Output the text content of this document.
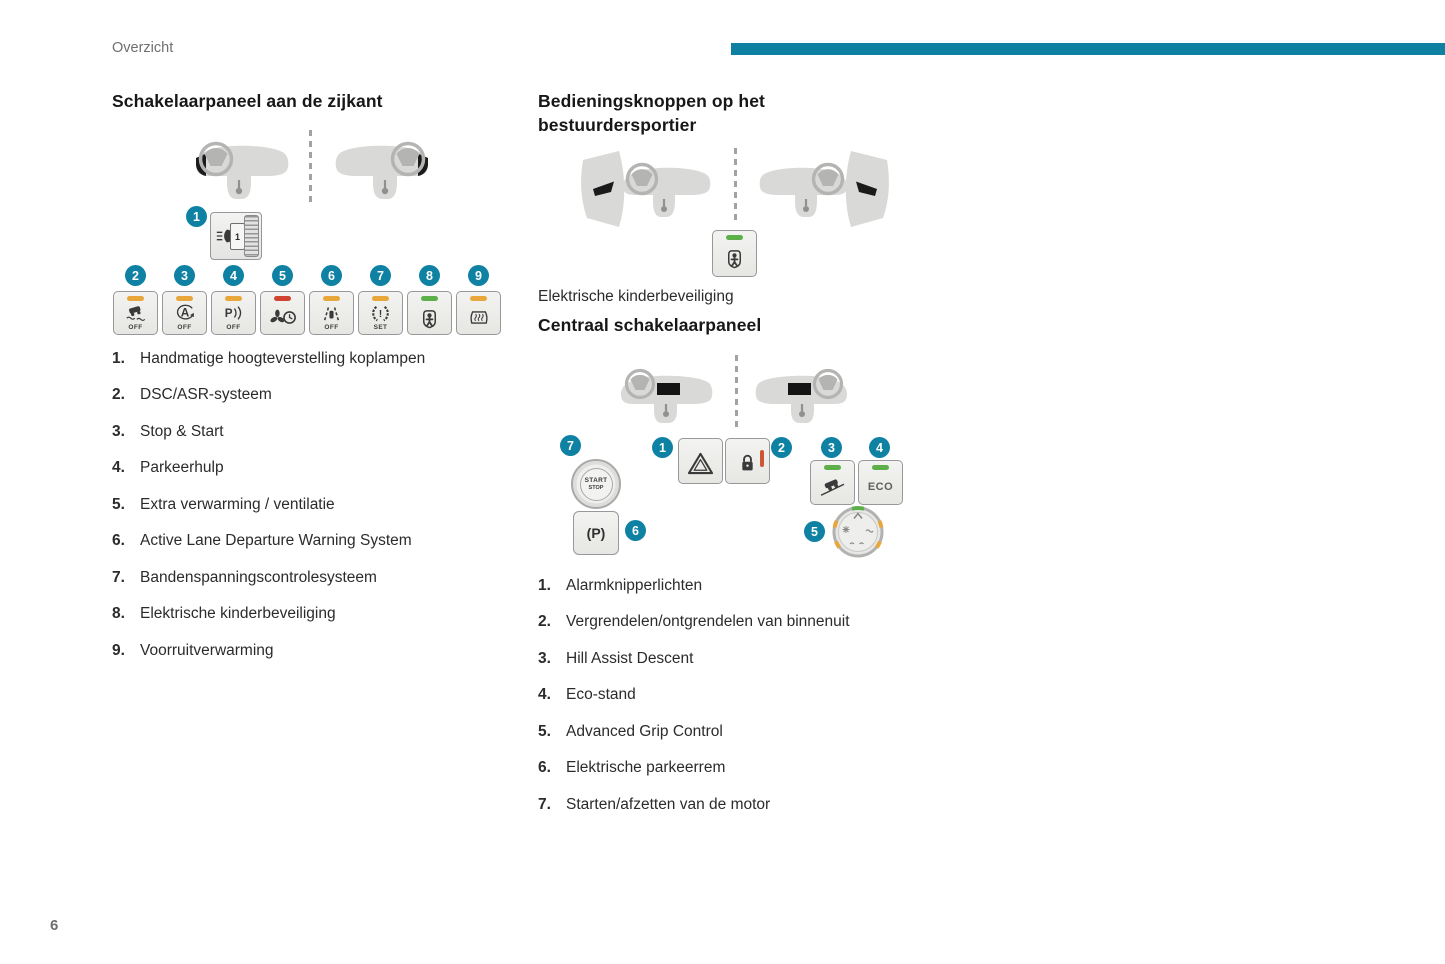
Overzicht
Schakelaarpaneel aan de zijkant
1
1
2	3	4	5	6	7	8	9
OFF
A
OFF
P
OFF	OFF
!
SET
1. Handmatige hoogteverstelling koplampen
2. DSC/ASR-systeem
3. Stop & Start
4. Parkeerhulp
5. Extra verwarming / ventilatie
6. Active Lane Departure Warning System
7. Bandenspanningscontrolesysteem
8. Elektrische kinderbeveiliging
9. Voorruitverwarming
Bedieningsknoppen op het
bestuurdersportier
Elektrische kinderbeveiliging
Centraal schakelaarpaneel
7
START
STOP
1	2	3	4
ECO
(P)	6	5
1. Alarmknipperlichten
2. Vergrendelen/ontgrendelen van binnenuit
3. Hill Assist Descent
4. Eco-stand
5. Advanced Grip Control
6. Elektrische parkeerrem
7. Starten/afzetten van de motor
6
